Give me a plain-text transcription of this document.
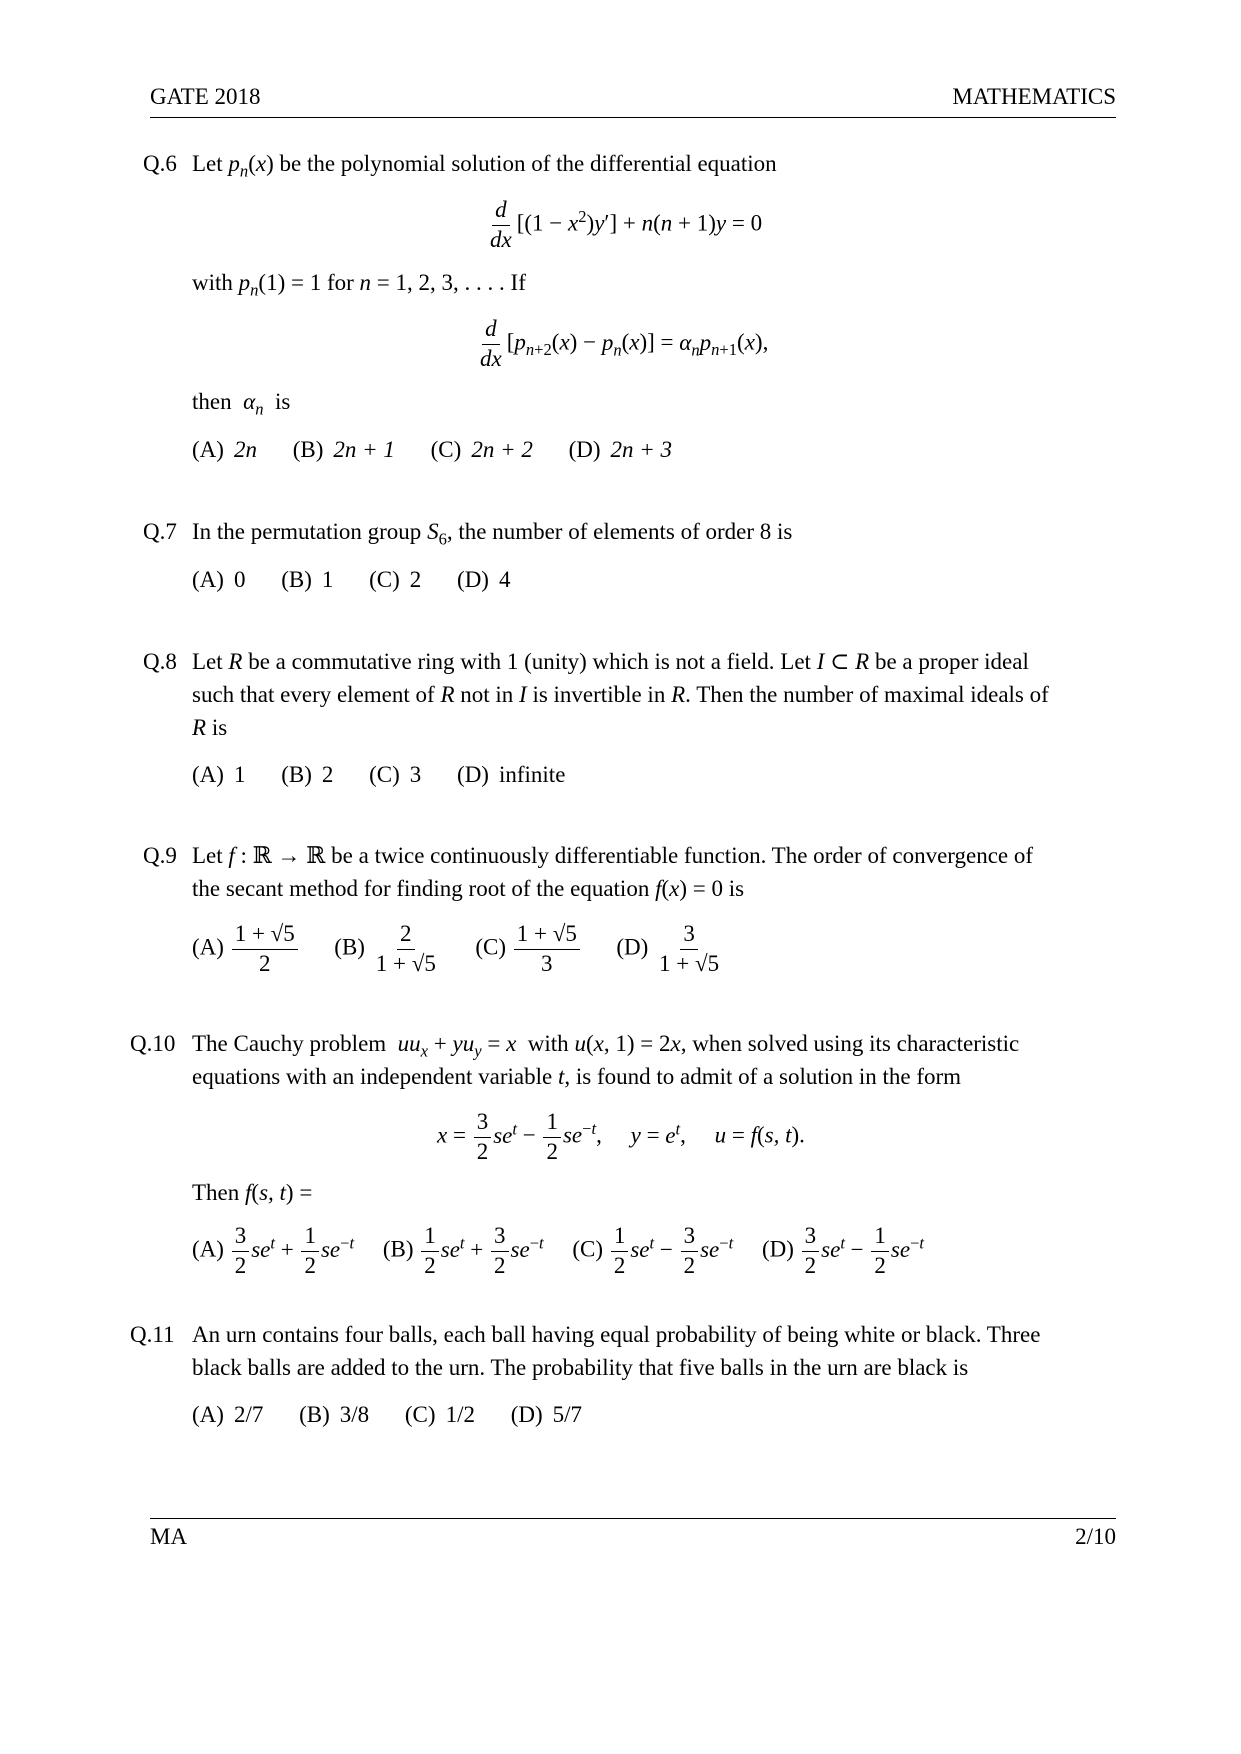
GATE 2018	MATHEMATICS
Q.6 Let $p_n(x)$ be the polynomial solution of the differential equation
$\frac{d}{dx} [(1 - x^2)y'] + n(n + 1)y = 0$
with $p_n(1) = 1$ for n = 1, 2, 3, . . . . If
$\frac{d}{dx} [p_{n+2}(x) - p_n(x)] = \alpha_np_{n+1}(x)$,
then $\alpha_n$ is
(A) 2n (B) 2n + 1 (C) 2n + 2 (D) 2n + 3
Q.7 In the permutation group $S_6$, the number of elements of order 8 is
(A) 0 (B) 1 (C) 2 (D) 4
Q.8 Let R be a commutative ring with 1 (unity) which is not a field. Let I ⊂ R be a proper ideal
such that every element of R not in I is invertible in R. Then the number of maximal ideals of
R is
(A) 1 (B) 2 (C) 3 (D) infinite
Q.9 Let f : ℝ → ℝ be a twice continuously differentiable function. The order of convergence of
the secant method for finding root of the equation f(x) = 0 is
$(A) \frac{1 + √5}{2} (B) \frac{2}{1 + √5} (C) \frac{1 + √5}{3} (D) \frac{3}{1 + √5}$
Q.10 The Cauchy problem $uu_x + yu_y = x$ with u(x, 1) = 2x, when solved using its characteristic
equations with an independent variable t, is found to admit of a solution in the form
$x = \frac{3}{2} se^t - \frac{1}{2} se^{-t}$,     $y = e^t$,     u = f(s, t).
Then f(s, t) =
$(A) \frac{3}{2} se^t + \frac{1}{2} se^{-t}$ $(B) \frac{1}{2} se^t + \frac{3}{2} se^{-t}$ $(C) \frac{1}{2} se^t - \frac{3}{2} se^{-t}$ $(D) \frac{3}{2} se^t - \frac{1}{2} se^{-t}$
Q.11 An urn contains four balls, each ball having equal probability of being white or black. Three
black balls are added to the urn. The probability that five balls in the urn are black is
(A) 2/7 (B) 3/8 (C) 1/2 (D) 5/7
MA	2/10
